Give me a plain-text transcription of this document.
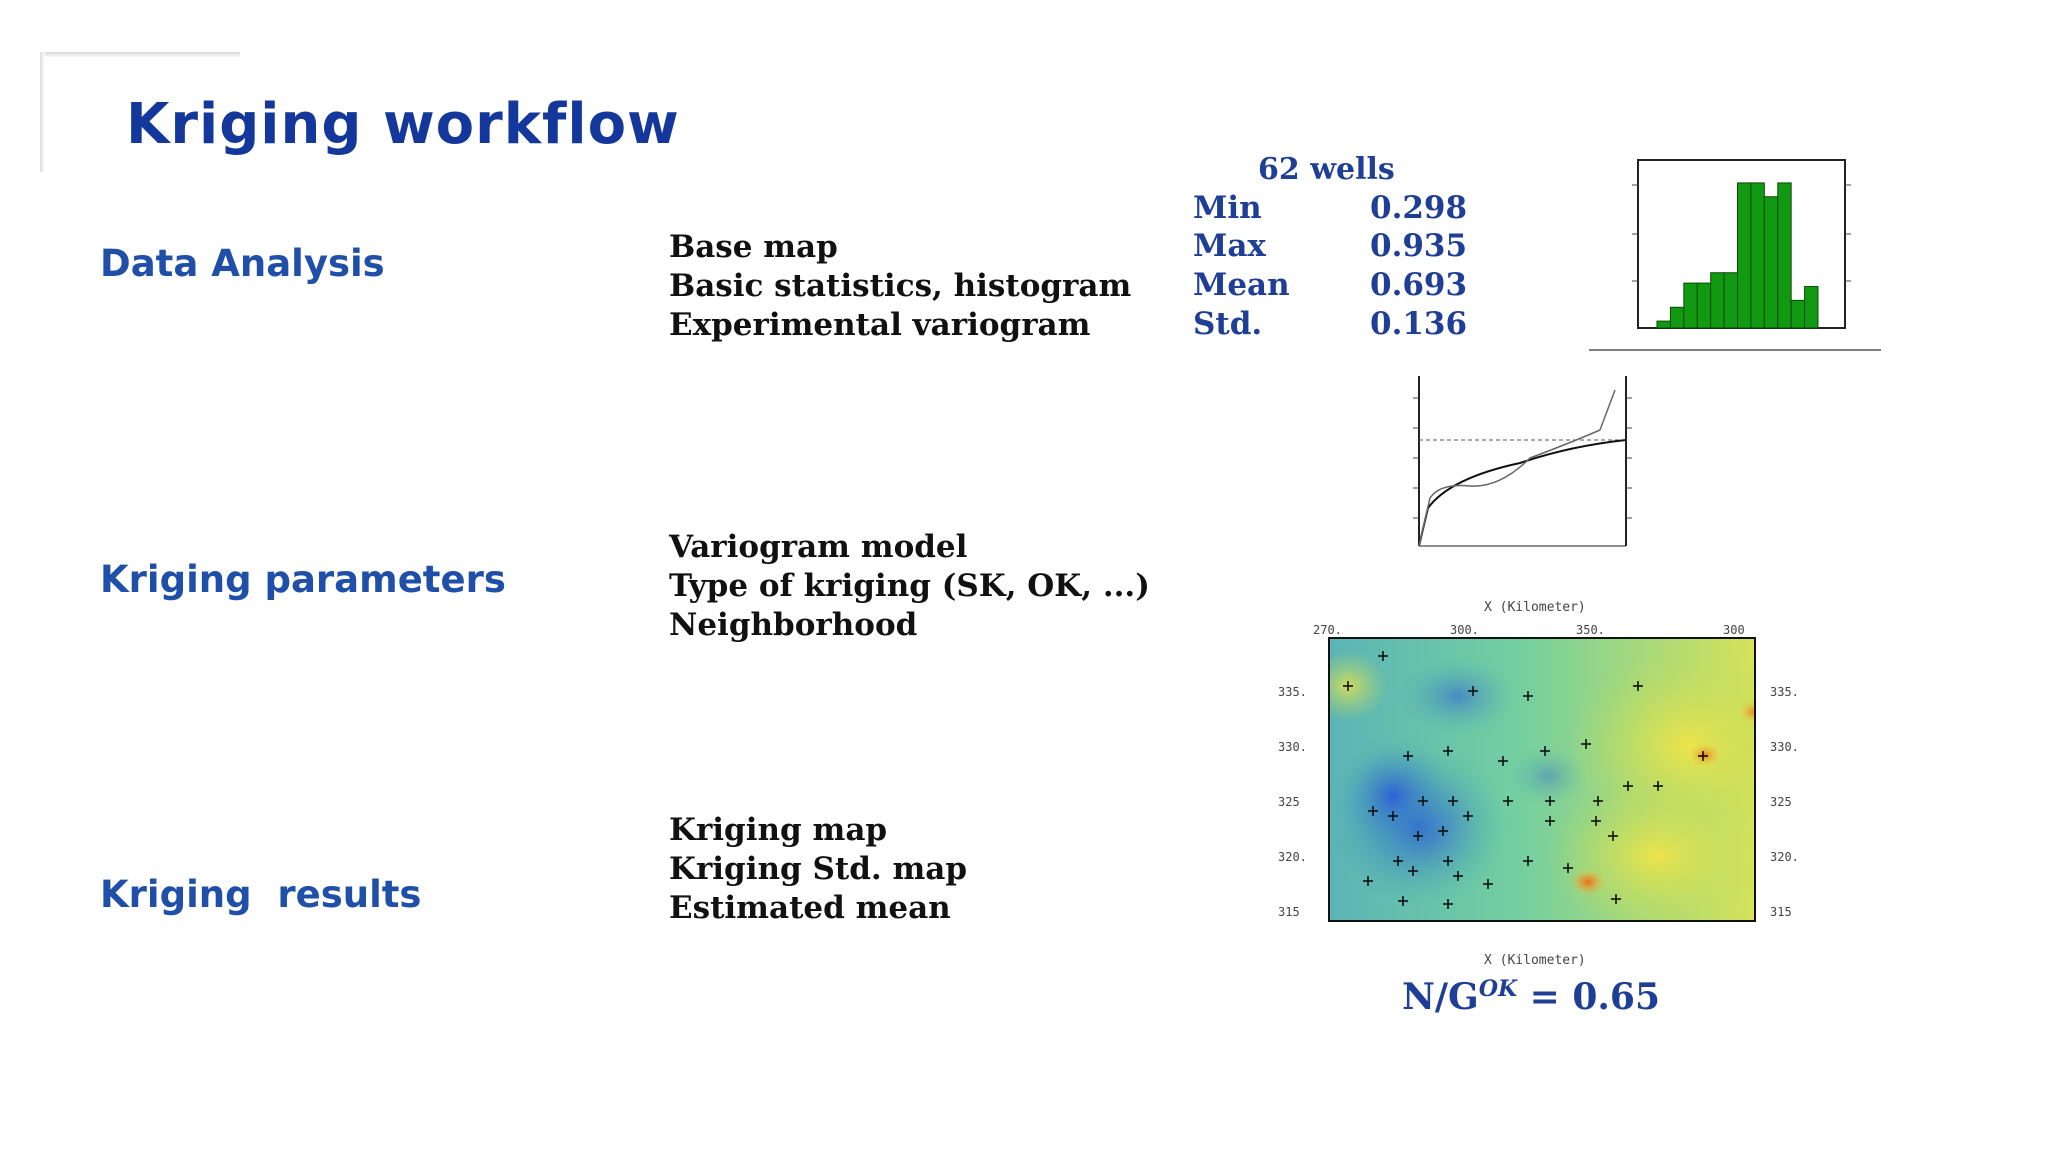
Kriging workflow
Data Analysis
Kriging parameters
Kriging  results
Base map
Basic statistics, histogram
Experimental variogram
Variogram model
Type of kriging (SK, OK, ...)
Neighborhood
Kriging map
Kriging Std. map
Estimated mean
62 wells
Min	0.298
Max	0.935
Mean	0.693
Std.	0.136
X (Kilometer)
270.	300.	350.	300
335.
330.
325
320.
315
335.
330.
325
320.
315
X (Kilometer)
$N/G^{OK} = 0.65$
